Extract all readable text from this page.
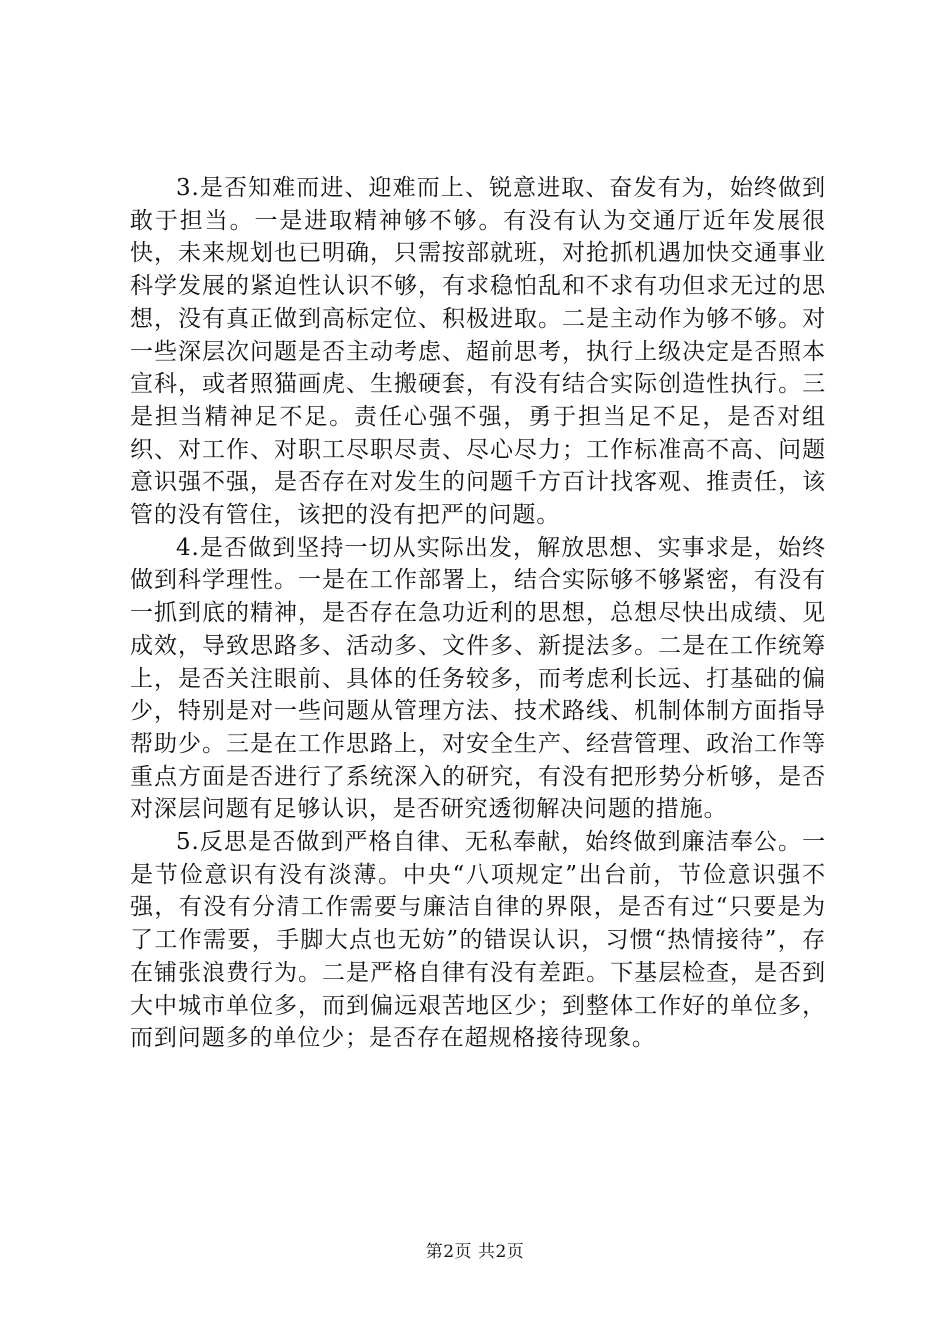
3.是否知难而进、迎难而上、锐意进取、奋发有为，始终做到敢于担当。一是进取精神够不够。有没有认为交通厅近年发展很快，未来规划也已明确，只需按部就班，对抢抓机遇加快交通事业科学发展的紧迫性认识不够，有求稳怕乱和不求有功但求无过的思想，没有真正做到高标定位、积极进取。二是主动作为够不够。对一些深层次问题是否主动考虑、超前思考，执行上级决定是否照本宣科，或者照猫画虎、生搬硬套，有没有结合实际创造性执行。三是担当精神足不足。责任心强不强，勇于担当足不足，是否对组织、对工作、对职工尽职尽责、尽心尽力；工作标准高不高、问题意识强不强，是否存在对发生的问题千方百计找客观、推责任，该管的没有管住，该把的没有把严的问题。

4.是否做到坚持一切从实际出发，解放思想、实事求是，始终做到科学理性。一是在工作部署上，结合实际够不够紧密，有没有一抓到底的精神，是否存在急功近利的思想，总想尽快出成绩、见成效，导致思路多、活动多、文件多、新提法多。二是在工作统筹上，是否关注眼前、具体的任务较多，而考虑利长远、打基础的偏少，特别是对一些问题从管理方法、技术路线、机制体制方面指导帮助少。三是在工作思路上，对安全生产、经营管理、政治工作等重点方面是否进行了系统深入的研究，有没有把形势分析够，是否对深层问题有足够认识，是否研究透彻解决问题的措施。

5.反思是否做到严格自律、无私奉献，始终做到廉洁奉公。一是节俭意识有没有淡薄。中央“八项规定”出台前，节俭意识强不强，有没有分清工作需要与廉洁自律的界限，是否有过“只要是为了工作需要，手脚大点也无妨”的错误认识，习惯“热情接待”，存在铺张浪费行为。二是严格自律有没有差距。下基层检查，是否到大中城市单位多，而到偏远艰苦地区少；到整体工作好的单位多，而到问题多的单位少；是否存在超规格接待现象。

第2页 共2页
